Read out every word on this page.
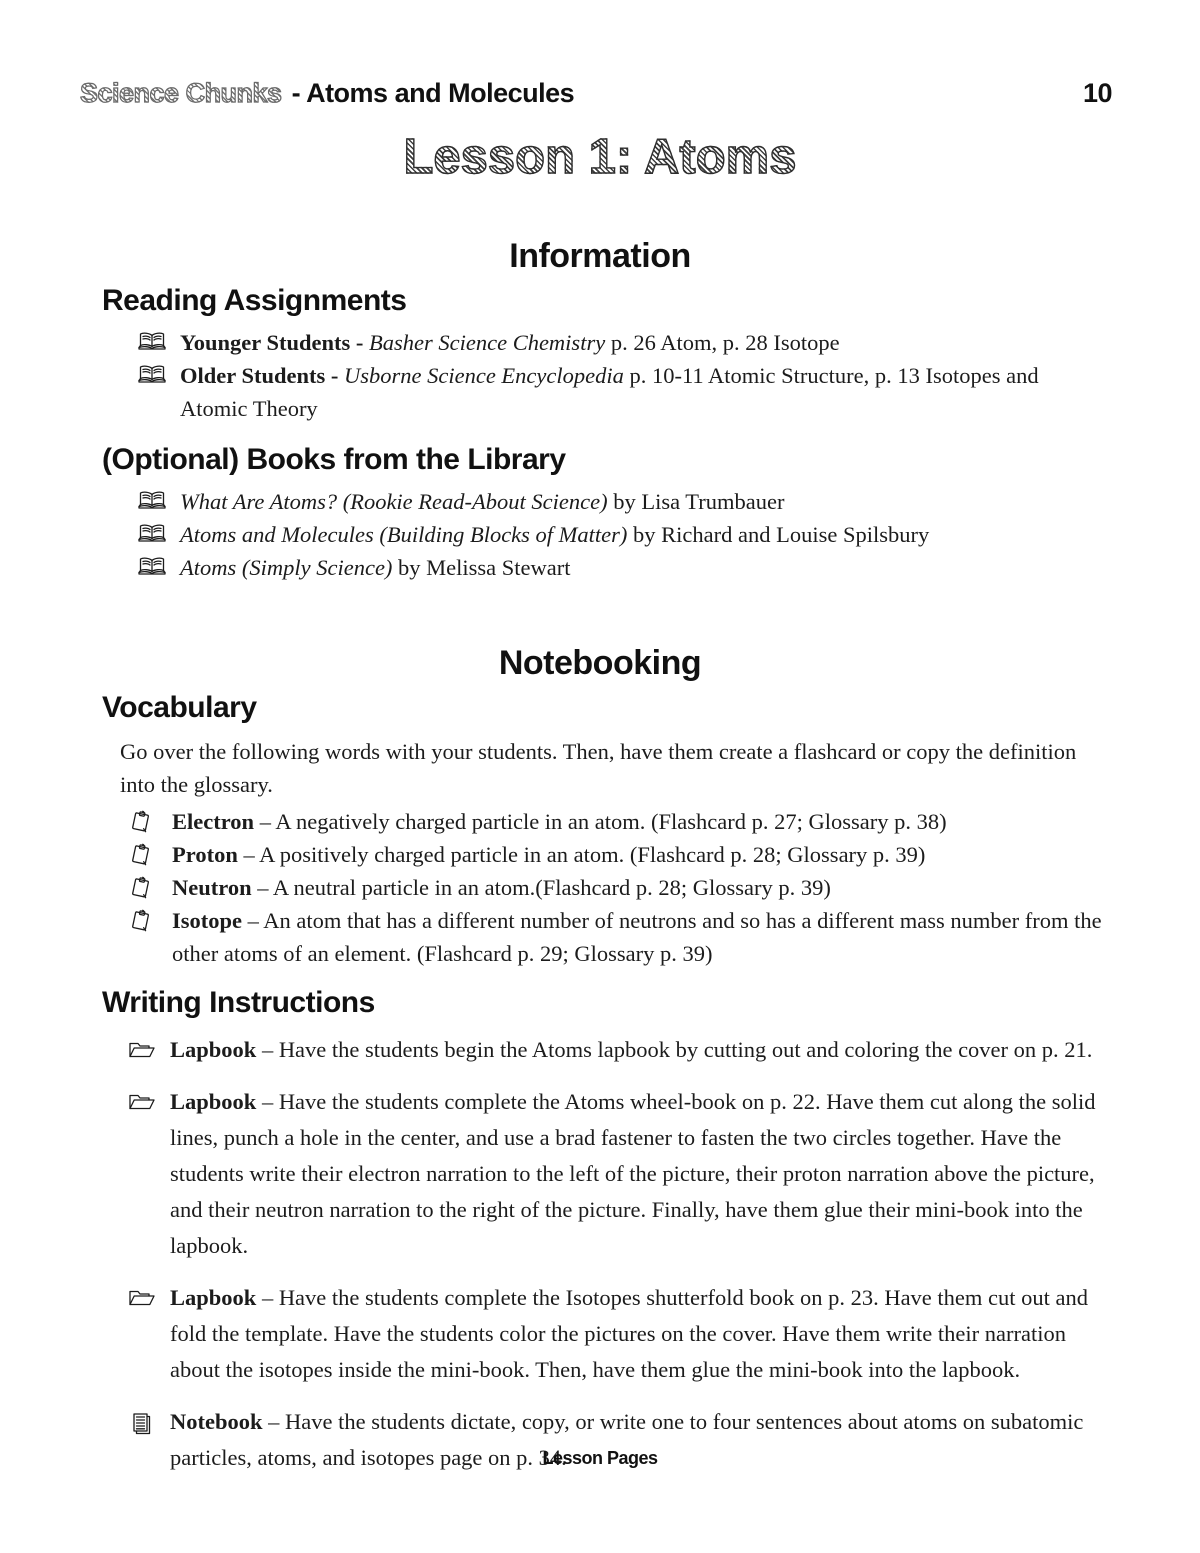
Science Chunks - Atoms and Molecules	10
Lesson 1: Atoms
Information
Reading Assignments

Younger Students - Basher Science Chemistry p. 26 Atom, p. 28 Isotope

Older Students - Usborne Science Encyclopedia p. 10-11 Atomic Structure, p. 13 Isotopes and Atomic Theory

(Optional) Books from the Library

What Are Atoms? (Rookie Read-About Science) by Lisa Trumbauer

Atoms and Molecules (Building Blocks of Matter) by Richard and Louise Spilsbury

Atoms (Simply Science) by Melissa Stewart

Notebooking
Vocabulary

Go over the following words with your students. Then, have them create a flashcard or copy the definition into the glossary.

Electron – A negatively charged particle in an atom. (Flashcard p. 27; Glossary p. 38)

Proton – A positively charged particle in an atom. (Flashcard p. 28; Glossary p. 39)

Neutron – A neutral particle in an atom.(Flashcard p. 28; Glossary p. 39)

Isotope – An atom that has a different number of neutrons and so has a different mass number from the other atoms of an element. (Flashcard p. 29; Glossary p. 39)

Writing Instructions

Lapbook – Have the students begin the Atoms lapbook by cutting out and coloring the cover on p. 21.

Lapbook – Have the students complete the Atoms wheel-book on p. 22. Have them cut along the solid lines, punch a hole in the center, and use a brad fastener to fasten the two circles together. Have the students write their electron narration to the left of the picture, their proton narration above the picture, and their neutron narration to the right of the picture. Finally, have them glue their mini-book into the lapbook.

Lapbook – Have the students complete the Isotopes shutterfold book on p. 23. Have them cut out and fold the template. Have the students color the pictures on the cover. Have them write their narration about the isotopes inside the mini-book. Then, have them glue the mini-book into the lapbook.

Notebook – Have the students dictate, copy, or write one to four sentences about atoms on subatomic particles, atoms, and isotopes page on p. 34.

Lesson Pages
